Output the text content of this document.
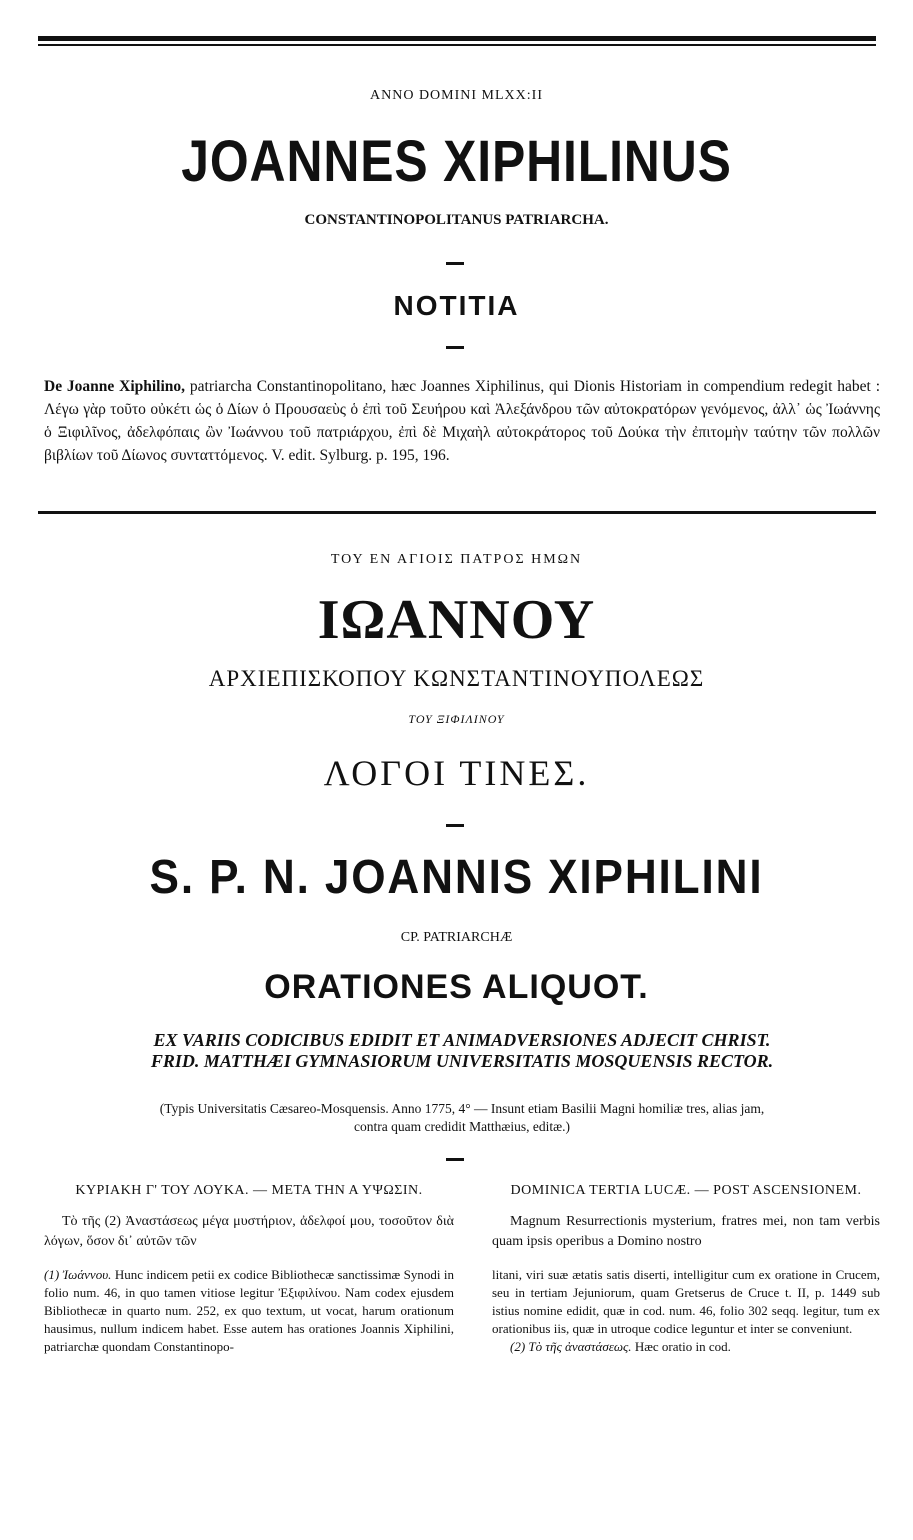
ANNO DOMINI MLXX:II
JOANNES XIPHILINUS
CONSTANTINOPOLITANUS PATRIARCHA.
NOTITIA
De Joanne Xiphilino, patriarcha Constantinopolitano, hæc Joannes Xiphilinus, qui Dionis Historiam in compendium redegit habet : Λέγω γὰρ τοῦτο οὐκέτι ὡς ὁ Δίων ὁ Προυσαεὺς ὁ ἐπὶ τοῦ Σευήρου καὶ Ἀλεξάνδρου τῶν αὐτοκρατόρων γενόμενος, ἀλλ᾽ ὡς Ἰωάννης ὁ Ξιφιλῖνος, ἀδελφόπαις ὢν Ἰωάννου τοῦ πατριάρχου, ἐπὶ δὲ Μιχαὴλ αὐτοκράτορος τοῦ Δούκα τὴν ἐπιτομὴν ταύτην τῶν πολλῶν βιβλίων τοῦ Δίωνος συνταττόμενος. V. edit. Sylburg. p. 195, 196.
ΤΟΥ ΕΝ ΑΓΙΟΙΣ ΠΑΤΡΟΣ ΗΜΩΝ
ΙΩΑΝΝΟΥ
ΑΡΧΙΕΠΙΣΚΟΠΟΥ ΚΩΝΣΤΑΝΤΙΝΟΥΠΟΛΕΩΣ
ΤΟΥ ΞΙΦΙΛΙΝΟΥ
ΛΟΓΟΙ ΤΙΝΕΣ.
S. P. N. JOANNIS XIPHILINI
CP. PATRIARCHÆ
ORATIONES ALIQUOT.
EX VARIIS CODICIBUS EDIDIT ET ANIMADVERSIONES ADJECIT CHRIST.
FRID. MATTHÆI GYMNASIORUM UNIVERSITATIS MOSQUENSIS RECTOR.
(Typis Universitatis Cæsareo-Mosquensis. Anno 1775, 4° — Insunt etiam Basilii Magni homiliæ tres, alias jam,
contra quam credidit Matthæius, editæ.)
ΚΥΡΙΑΚΗ Γ' ΤΟΥ ΛΟΥΚΑ. — ΜΕΤΑ ΤΗΝ Α ΥΨΩΣΙΝ.

Τὸ τῆς (2) Ἀναστάσεως μέγα μυστήριον, ἀδελφοί μου, τοσοῦτον διὰ λόγων, ὅσον δι᾽ αὐτῶν τῶν

(1) Ἰωάννου. Hunc indicem petii ex codice Bibliothecæ sanctissimæ Synodi in folio num. 46, in quo tamen vitiose legitur Ἐξιφιλίνου. Nam codex ejusdem Bibliothecæ in quarto num. 252, ex quo textum, ut vocat, harum orationum hausimus, nullum indicem habet. Esse autem has orationes Joannis Xiphilini, patriarchæ quondam Constantinopo-
DOMINICA TERTIA LUCÆ. — POST ASCENSIONEM.

Magnum Resurrectionis mysterium, fratres mei, non tam verbis quam ipsis operibus a Domino nostro

litani, viri suæ ætatis satis diserti, intelligitur cum ex oratione in Crucem, seu in tertiam Jejuniorum, quam Gretserus de Cruce t. II, p. 1449 sub istius nomine edidit, quæ in cod. num. 46, folio 302 seqq. legitur, tum ex orationibus iis, quæ in utroque codice leguntur et inter se conveniunt.
(2) Τὸ τῆς ἀναστάσεως. Hæc oratio in cod.
